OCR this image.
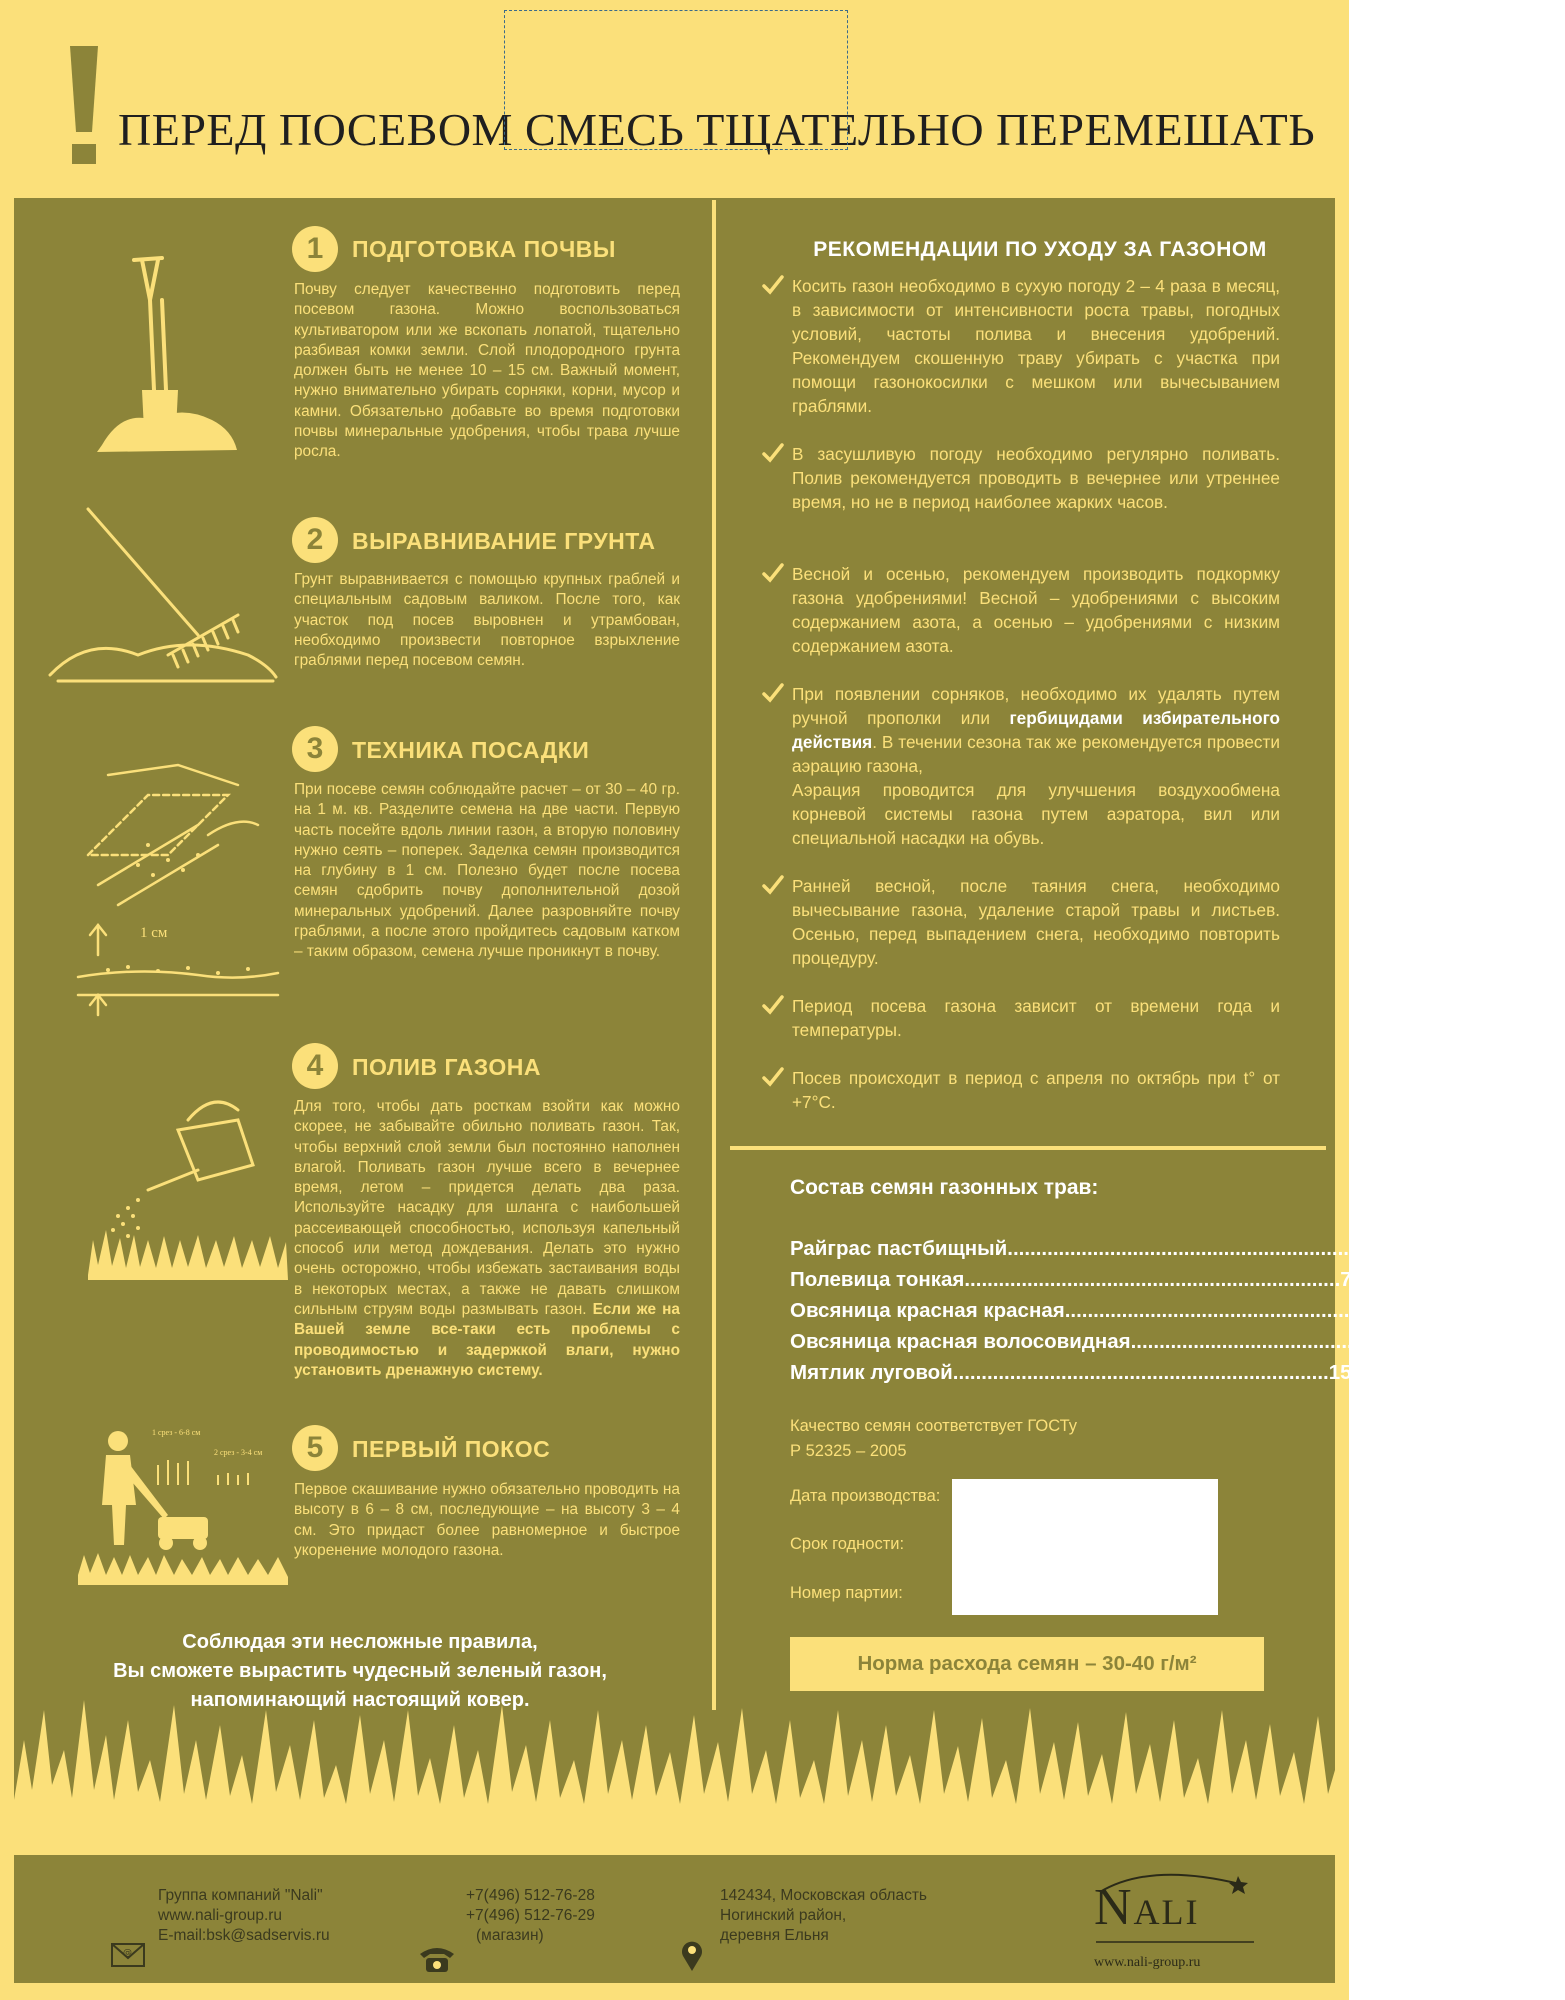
ПЕРЕД ПОСЕВОМ СМЕСЬ ТЩАТЕЛЬНО ПЕРЕМЕШАТЬ
1	ПОДГОТОВКА ПОЧВЫ
Почву следует качественно подготовить перед посевом газона. Можно воспользоваться культиватором или же вскопать лопатой, тщательно разбивая комки земли. Слой плодородного грунта должен быть не менее 10 – 15 см. Важный момент, нужно внимательно убирать сорняки, корни, мусор и камни. Обязательно добавьте во время подготовки почвы минеральные удобрения, чтобы трава лучше росла.
2	ВЫРАВНИВАНИЕ ГРУНТА
Грунт выравнивается с помощью крупных граблей и специальным садовым валиком. После того, как участок под посев выровнен и утрамбован, необходимо произвести повторное взрыхление граблями перед посевом семян.
1 см
3	ТЕХНИКА ПОСАДКИ
При посеве семян соблюдайте расчет – от 30 – 40 гр. на 1 м. кв. Разделите семена на две части. Первую часть посейте вдоль линии газон, а вторую половину нужно сеять – поперек. Заделка семян производится на глубину в 1 см. Полезно будет после посева семян сдобрить почву дополнительной дозой минеральных удобрений. Далее разровняйте почву граблями, а после этого пройдитесь садовым катком – таким образом, семена лучше проникнут в почву.
4	ПОЛИВ ГАЗОНА
Для того, чтобы дать росткам взойти как можно скорее, не забывайте обильно поливать газон. Так, чтобы верхний слой земли был постоянно наполнен влагой. Поливать газон лучше всего в вечернее время, летом – придется делать два раза. Используйте насадку для шланга с наибольшей рассеивающей способностью, используя капельный способ или метод дождевания. Делать это нужно очень осторожно, чтобы избежать застаивания воды в некоторых местах, а также не давать слишком сильным струям воды размывать газон. Если же на Вашей земле все-таки есть проблемы с проводимостью и задержкой влаги, нужно установить дренажную систему.
1 срез - 6-8 см
2 срез - 3-4 см	5	ПЕРВЫЙ ПОКОС
Первое скашивание нужно обязательно проводить на высоту в 6 – 8 см, последующие – на высоту 3 – 4 см. Это придаст более равномерное и быстрое укоренение молодого газона.
Соблюдая эти несложные правила,
Вы сможете вырастить чудесный зеленый газон,
напоминающий настоящий ковер.
РЕКОМЕНДАЦИИ ПО УХОДУ ЗА ГАЗОНОМ
Косить газон необходимо в сухую погоду 2 – 4 раза в месяц, в зависимости от интенсивности роста травы, погодных условий, частоты полива и внесения удобрений. Рекомендуем скошенную траву убирать с участка при помощи газонокосилки с мешком или вычесыванием граблями.
В засушливую погоду необходимо регулярно поливать. Полив рекомендуется проводить в вечернее или утреннее время, но не в период наиболее жарких часов.
Весной и осенью, рекомендуем производить подкормку газона удобрениями! Весной – удобрениями с высоким содержанием азота, а осенью – удобрениями с низким содержанием азота.
При появлении сорняков, необходимо их удалять путем ручной прополки или гербицидами избирательного действия. В течении сезона так же рекомендуется провести аэрацию газона,
Аэрация проводится для улучшения воздухообмена корневой системы газона путем аэратора, вил или специальной насадки на обувь.
Ранней весной, после таяния снега, необходимо вычесывание газона, удаление старой травы и листьев. Осенью, перед выпадением снега, необходимо повторить процедуру.
Период посева газона зависит от времени года и температуры.
Посев происходит в период с апреля по октябрь при t° от +7°С.
Состав семян газонных трав:
Райграс пастбищный .................................................................. 25,0%
Полевица тонкая .................................................................. 7,5%
Овсяница красная красная .................................................................. 37,5%
Овсяница красная волосовидная .................................................................. 15,0%
Мятлик луговой .................................................................. 15,0%
Качество семян соответствует ГОСТу
Р 52325 – 2005
Дата производства:
Срок годности:
Номер партии:
Норма расхода семян – 30-40 г/м²
@
Группа компаний "Nali"
www.nali-group.ru
E-mail:bsk@sadservis.ru
+7(496) 512-76-28
+7(496) 512-76-29
(магазин)
142434, Московская область
Ногинский район,
деревня Ельня	Nali
www.nali-group.ru
